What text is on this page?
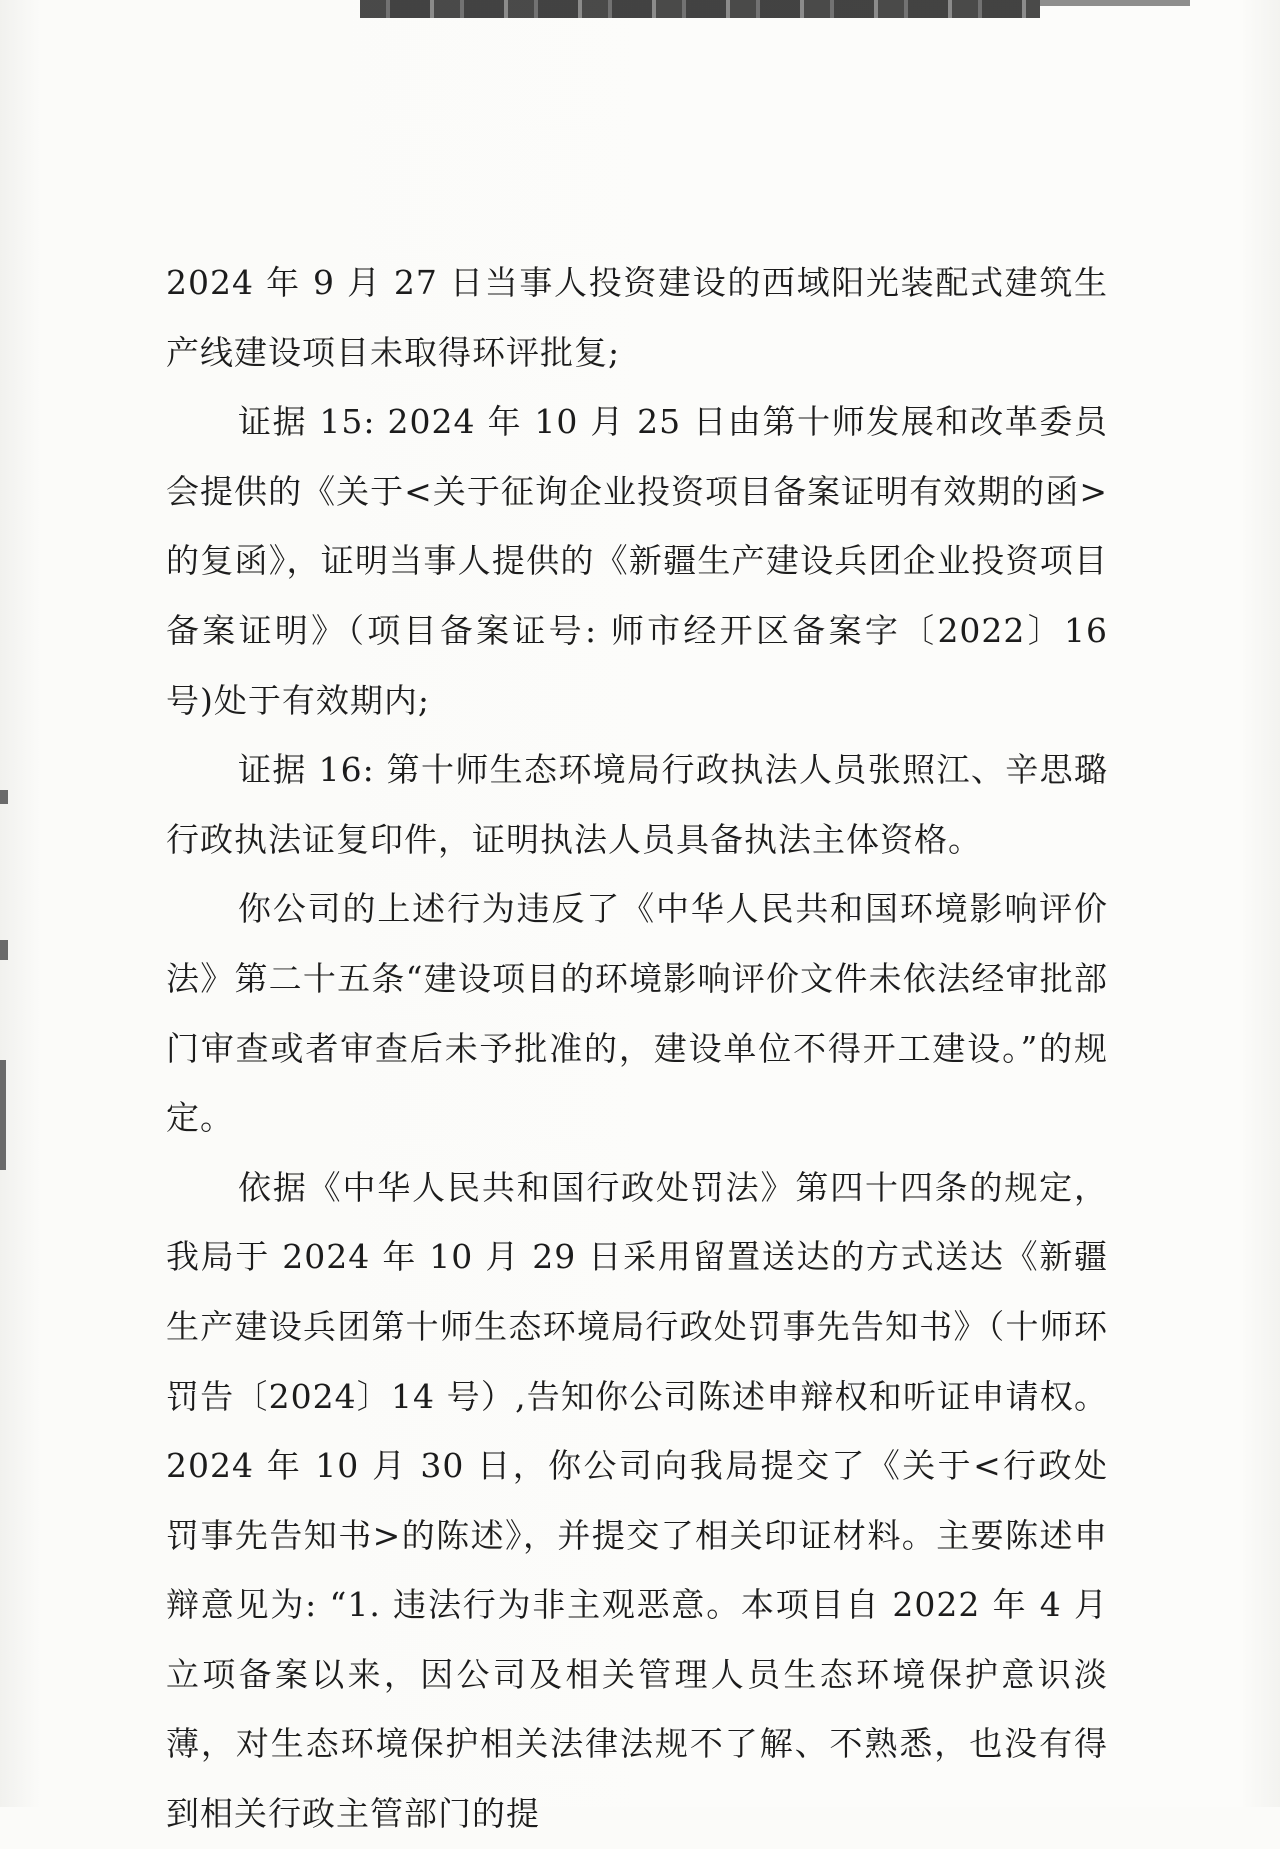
2024 年 9 月 27 日当事人投资建设的西域阳光装配式建筑生产线建设项目未取得环评批复;

证据 15: 2024 年 10 月 25 日由第十师发展和改革委员会提供的《关于<关于征询企业投资项目备案证明有效期的函>的复函》，证明当事人提供的《新疆生产建设兵团企业投资项目备案证明》（项目备案证号: 师市经开区备案字〔2022〕16 号)处于有效期内;

证据 16: 第十师生态环境局行政执法人员张照江、辛思璐行政执法证复印件，证明执法人员具备执法主体资格。

你公司的上述行为违反了《中华人民共和国环境影响评价法》第二十五条“建设项目的环境影响评价文件未依法经审批部门审查或者审查后未予批准的，建设单位不得开工建设。”的规定。

依据《中华人民共和国行政处罚法》第四十四条的规定，我局于 2024 年 10 月 29 日采用留置送达的方式送达《新疆生产建设兵团第十师生态环境局行政处罚事先告知书》（十师环罚告〔2024〕14 号）,告知你公司陈述申辩权和听证申请权。2024 年 10 月 30 日，你公司向我局提交了《关于<行政处罚事先告知书>的陈述》，并提交了相关印证材料。主要陈述申辩意见为: “1. 违法行为非主观恶意。本项目自 2022 年 4 月立项备案以来，因公司及相关管理人员生态环境保护意识淡薄，对生态环境保护相关法律法规不了解、不熟悉，也没有得到相关行政主管部门的提
